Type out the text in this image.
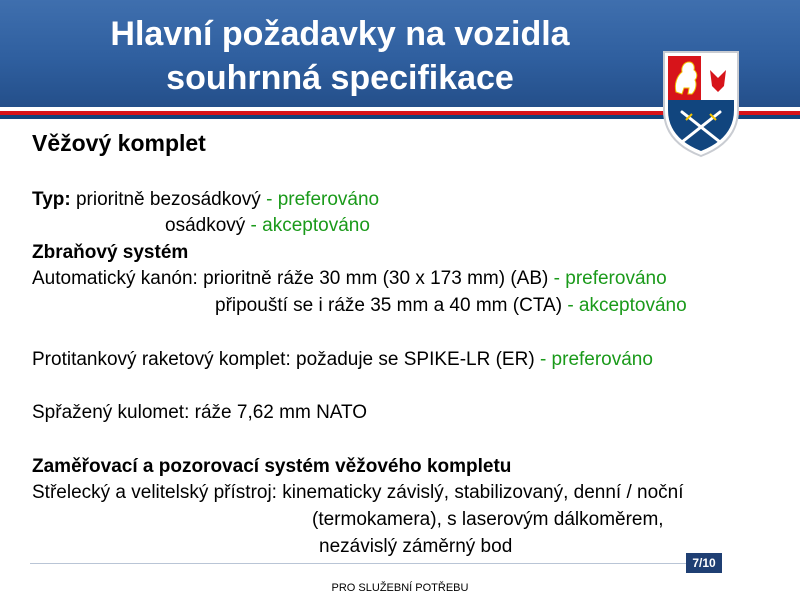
Hlavní požadavky na vozidla
souhrnná specifikace
Věžový komplet
Typ: prioritně bezosádkový - preferováno
osádkový - akceptováno
Zbraňový systém
Automatický kanón: prioritně ráže 30 mm (30 x 173 mm) (AB) - preferováno
připouští se i ráže 35 mm a 40 mm (CTA) - akceptováno
Protitankový raketový komplet: požaduje se SPIKE-LR (ER) - preferováno
Spřažený kulomet: ráže 7,62 mm NATO
Zaměřovací a pozorovací systém věžového kompletu
Střelecký a velitelský přístroj: kinematicky závislý, stabilizovaný, denní / noční
(termokamera), s laserovým dálkoměrem,
nezávislý záměrný bod
7/10
PRO SLUŽEBNÍ POTŘEBU
